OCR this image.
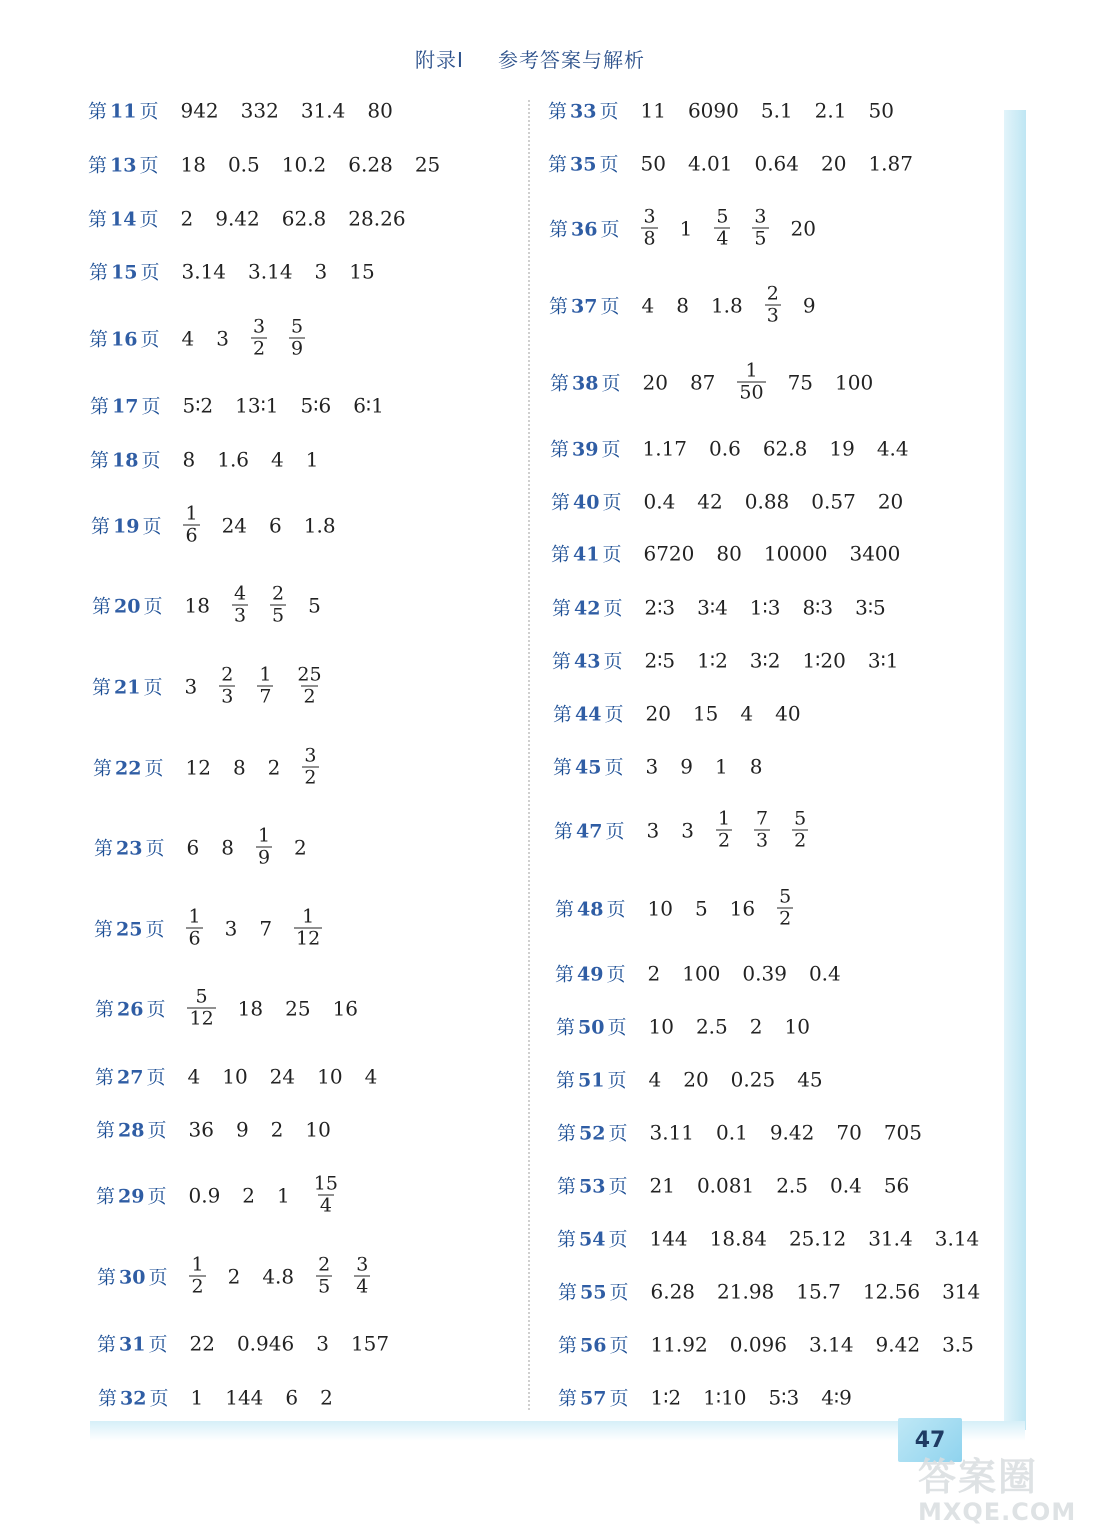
附录Ⅰ 参考答案与解析
47
答案圈
MXQE.COM
第 11 页 942 332 31.4 80
第 13 页 18 0.5 10.2 6.28 25
第 14 页 2 9.42 62.8 28.26
第 15 页 3.14 3.14 3 15
第 16 页 4 $3 \frac{3}{2} \frac{5}{9}$
第 17 页 5∶2 13∶1 5∶6 6∶1
第 18 页 8 1.6 4 1
第 19 页 $\frac{1}{6} 24$ 6 1.8
第 20 页 $18 \frac{4}{3} \frac{2}{5} 5$
第 21 页 $3 \frac{2}{3} \frac{1}{7} \frac{25}{2}$
第 22 页 12 8 $2 \frac{3}{2}$
第 23 页 6 $8 \frac{1}{9} 2$
第 25 页 $\frac{1}{6} 3$ $7 \frac{1}{12}$
第 26 页 $\frac{5}{12} 18$ 25 16
第 27 页 4 10 24 10 4
第 28 页 36 9 2 10
第 29 页 0.9 2 $1 \frac{15}{4}$
第 30 页 $\frac{1}{2} 2$ $4.8 \frac{2}{5} \frac{3}{4}$
第 31 页 22 0.946 3 157
第 32 页 1 144 6 2
第 33 页 11 6090 5.1 2.1 50
第 35 页 50 4.01 0.64 20 1.87
第 36 页 $\frac{3}{8} 1 \frac{5}{4} \frac{3}{5} 20$
第 37 页 4 8 $1.8 \frac{2}{3} 9$
第 38 页 20 $87 \frac{1}{50} 75$ 100
第 39 页 1.17 0.6 62.8 19 4.4
第 40 页 0.4 42 0.88 0.57 20
第 41 页 6720 80 10000 3400
第 42 页 2∶3 3∶4 1∶3 8∶3 3∶5
第 43 页 2∶5 1∶2 3∶2 1∶20 3∶1
第 44 页 20 15 4 40
第 45 页 3 9 1 8
第 47 页 3 $3 \frac{1}{2} \frac{7}{3} \frac{5}{2}$
第 48 页 10 5 $16 \frac{5}{2}$
第 49 页 2 100 0.39 0.4
第 50 页 10 2.5 2 10
第 51 页 4 20 0.25 45
第 52 页 3.11 0.1 9.42 70 705
第 53 页 21 0.081 2.5 0.4 56
第 54 页 144 18.84 25.12 31.4 3.14
第 55 页 6.28 21.98 15.7 12.56 314
第 56 页 11.92 0.096 3.14 9.42 3.5
第 57 页 1∶2 1∶10 5∶3 4∶9
